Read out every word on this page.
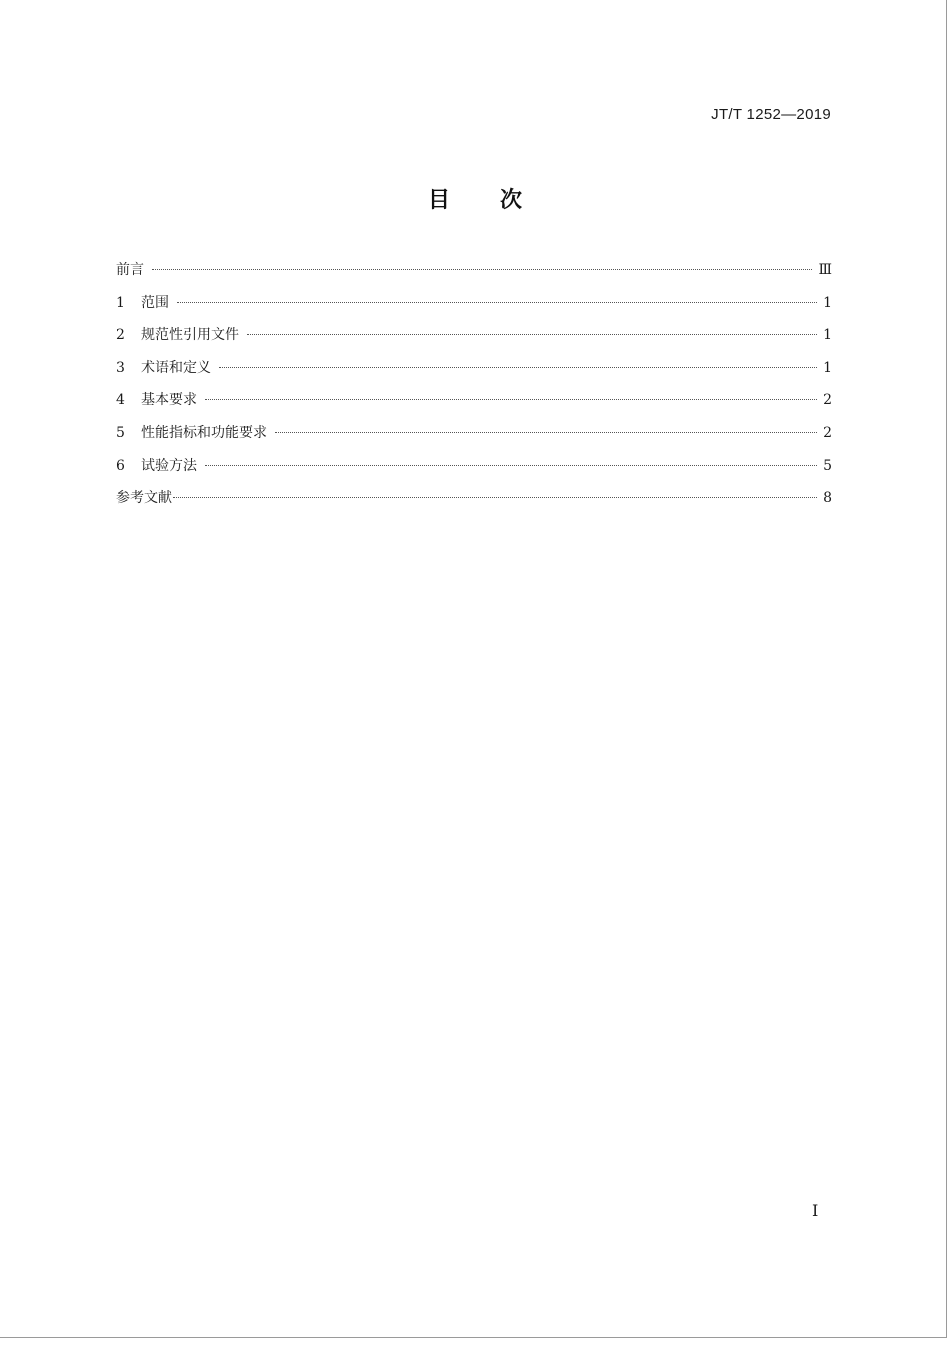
JT/T 1252—2019
目次
前言	Ⅲ
1	范围	1
2	规范性引用文件	1
3	术语和定义	1
4	基本要求	2
5	性能指标和功能要求	2
6	试验方法	5
参考文献	8
Ⅰ
